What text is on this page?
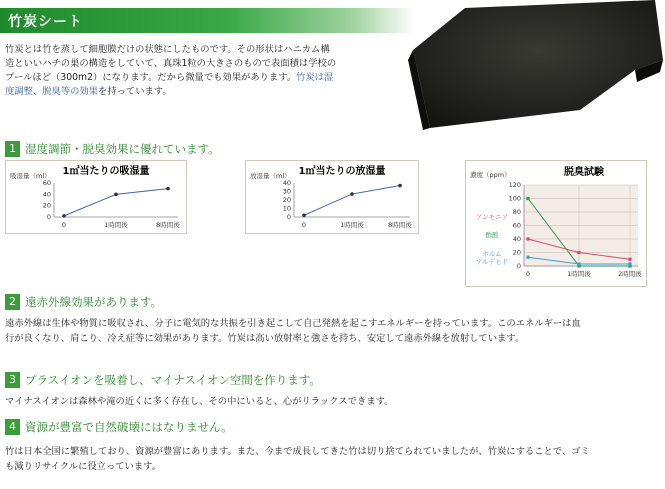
竹炭シート
竹炭とは竹を蒸して細胞膜だけの状態にしたものです。その形状はハニカム構
造といいハチの巣の構造をしていて、真珠1粒の大きさのもので表面積は学校の
プールほど（300m2）になります。だから微量でも効果があります。竹炭は湿
度調整、脱臭等の効果を持っています。
1 湿度調節・脱臭効果に優れています。
1㎡当たりの吸湿量
吸湿量（ml）
60
40
20
0
0	1時間後	8時間後
1㎡当たりの放湿量
放湿量（ml）
40
30
20
10
0
0	1時間後	8時間後
脱臭試験
濃度（ppm）
120
100
80
60
40
20
0
0	1時間後	2時間後
アンモニア
酢酸
ホルム
アルデヒド
2 遠赤外線効果があります。
遠赤外線は生体や物質に吸収され、分子に電気的な共振を引き起こして自己発熱を起こすエネルギーを持っています。このエネルギーは血
行が良くなり、肩こり、冷え症等に効果があります。竹炭は高い放射率と強さを持ち、安定して遠赤外線を放射しています。
3 プラスイオンを吸着し、マイナスイオン空間を作ります。
マイナスイオンは森林や滝の近くに多く存在し、その中にいると、心がリラックスできます。
4 資源が豊富で自然破壊にはなりません。
竹は日本全国に繁殖しており、資源が豊富にあります。また、今まで成長してきた竹は切り捨てられていましたが、竹炭にすることで、ゴミ
も減りリサイクルに役立っています。
